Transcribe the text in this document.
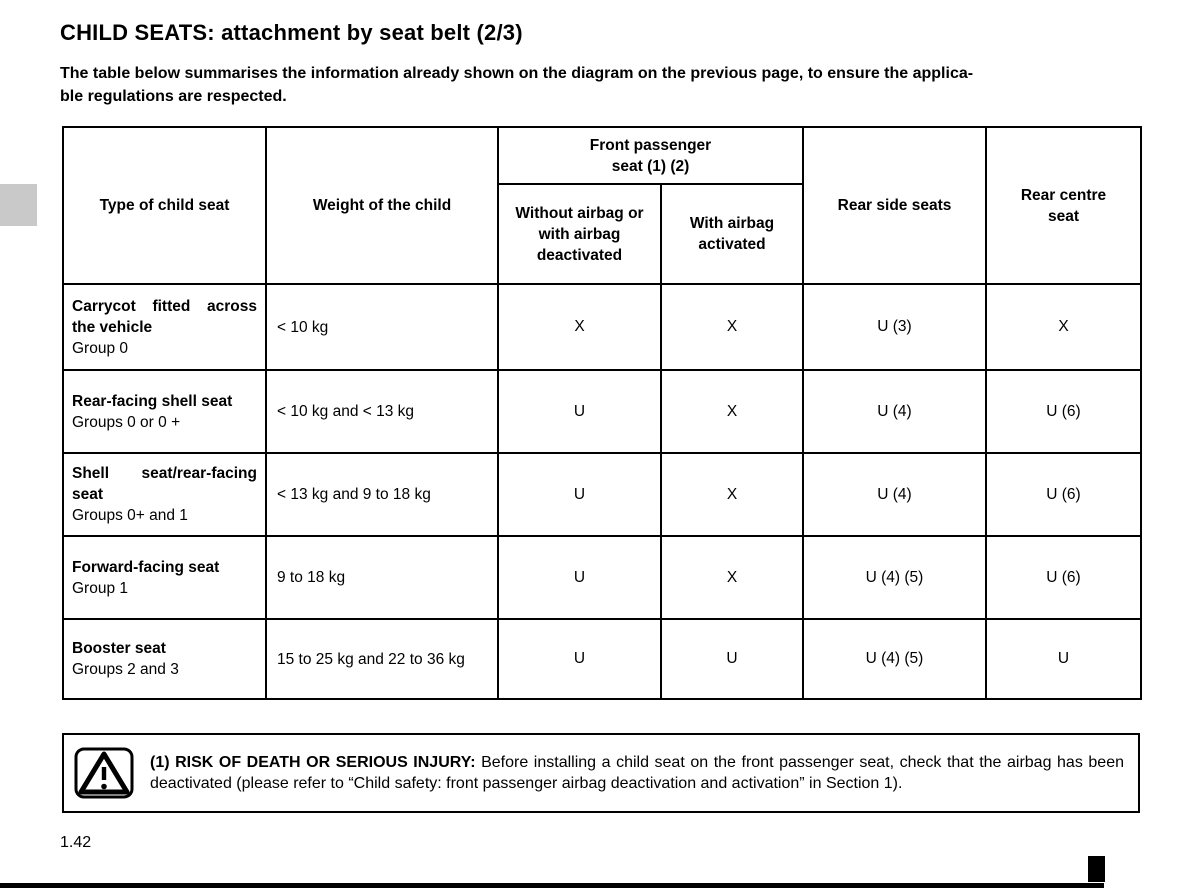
CHILD SEATS: attachment by seat belt (2/3)
The table below summarises the information already shown on the diagram on the previous page, to ensure the applica-
ble regulations are respected.
Type of child seat	Weight of the child	Front passenger seat (1) (2)		Rear side seats	Rear centre seat

		Without airbag or with airbag deactivated	With airbag activated		

Carrycot fitted across the vehicle
Group 0	< 10 kg	X	X	U (3)	X

Rear-facing shell seat
Groups 0 or 0 +	< 10 kg and < 13 kg	U	X	U (4)	U (6)

Shell seat/rear-facing seat
Groups 0+ and 1	< 13 kg and 9 to 18 kg	U	X	U (4)	U (6)

Forward-facing seat
Group 1	9 to 18 kg	U	X	U (4) (5)	U (6)

Booster seat
Groups 2 and 3	15 to 25 kg and 22 to 36 kg	U	U	U (4) (5)	U

(1) RISK OF DEATH OR SERIOUS INJURY: Before installing a child seat on the front passenger seat, check that the airbag has been deactivated (please refer to “Child safety: front passenger airbag deactivation and activation” in Section 1).

1.42
